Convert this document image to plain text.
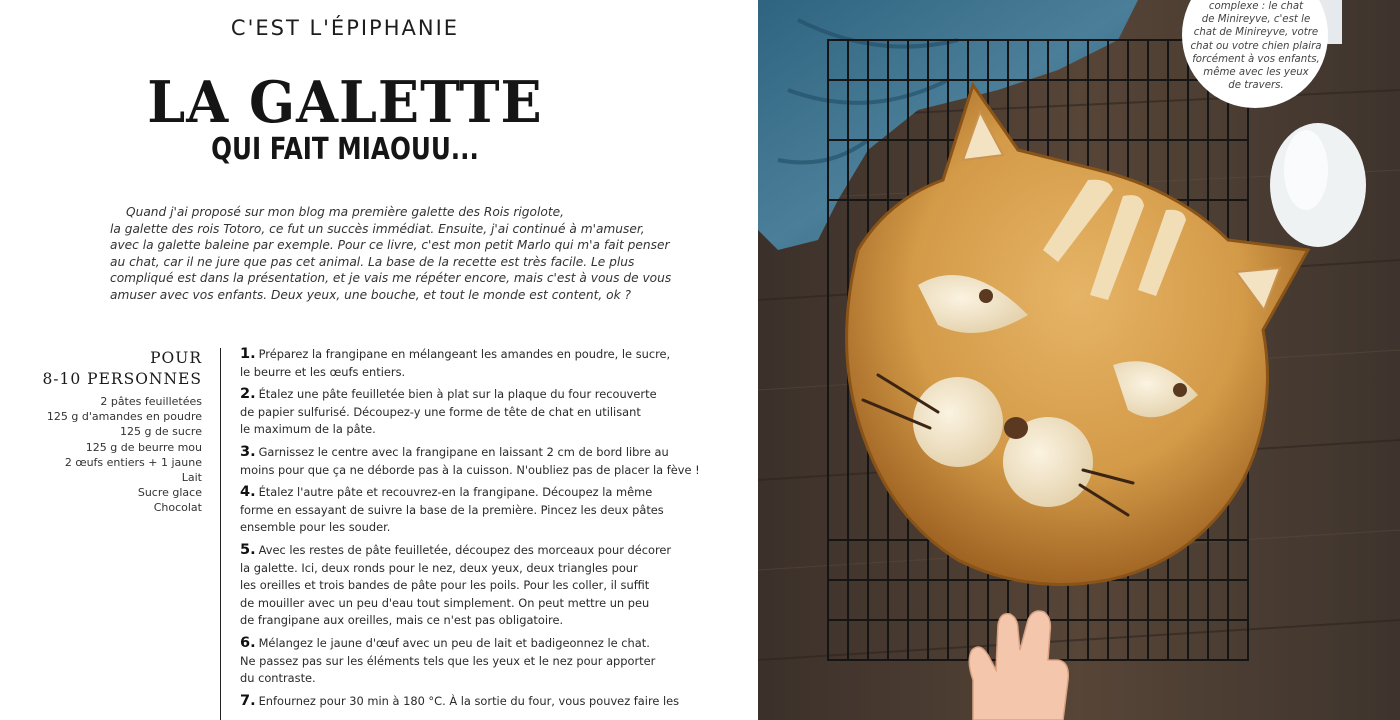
C'EST L'ÉPIPHANIE
LA GALETTE
QUI FAIT MIAOUU...
Quand j'ai proposé sur mon blog ma première galette des Rois rigolote,
la galette des rois Totoro, ce fut un succès immédiat. Ensuite, j'ai continué à m'amuser,
avec la galette baleine par exemple. Pour ce livre, c'est mon petit Marlo qui m'a fait penser
au chat, car il ne jure que pas cet animal. La base de la recette est très facile. Le plus
compliqué est dans la présentation, et je vais me répéter encore, mais c'est à vous de vous
amuser avec vos enfants. Deux yeux, une bouche, et tout le monde est content, ok ?
POUR
8-10 PERSONNES
2 pâtes feuilletées
125 g d'amandes en poudre
125 g de sucre
125 g de beurre mou
2 œufs entiers + 1 jaune
Lait
Sucre glace
Chocolat
1. Préparez la frangipane en mélangeant les amandes en poudre, le sucre,
le beurre et les œufs entiers.
2. Étalez une pâte feuilletée bien à plat sur la plaque du four recouverte
de papier sulfurisé. Découpez-y une forme de tête de chat en utilisant
le maximum de la pâte.
3. Garnissez le centre avec la frangipane en laissant 2 cm de bord libre au
moins pour que ça ne déborde pas à la cuisson. N'oubliez pas de placer la fève !
4. Étalez l'autre pâte et recouvrez-en la frangipane. Découpez la même
forme en essayant de suivre la base de la première. Pincez les deux pâtes
ensemble pour les souder.
5. Avec les restes de pâte feuilletée, découpez des morceaux pour décorer
la galette. Ici, deux ronds pour le nez, deux yeux, deux triangles pour
les oreilles et trois bandes de pâte pour les poils. Pour les coller, il suffit
de mouiller avec un peu d'eau tout simplement. On peut mettre un peu
de frangipane aux oreilles, mais ce n'est pas obligatoire.
6. Mélangez le jaune d'œuf avec un peu de lait et badigeonnez le chat.
Ne passez pas sur les éléments tels que les yeux et le nez pour apporter
du contraste.
7. Enfournez pour 30 min à 180 °C. À la sortie du four, vous pouvez faire les
complexe : le chat
de Minireyve, c'est le
chat de Minireyve, votre
chat ou votre chien plaira
forcément à vos enfants,
même avec les yeux
de travers.
